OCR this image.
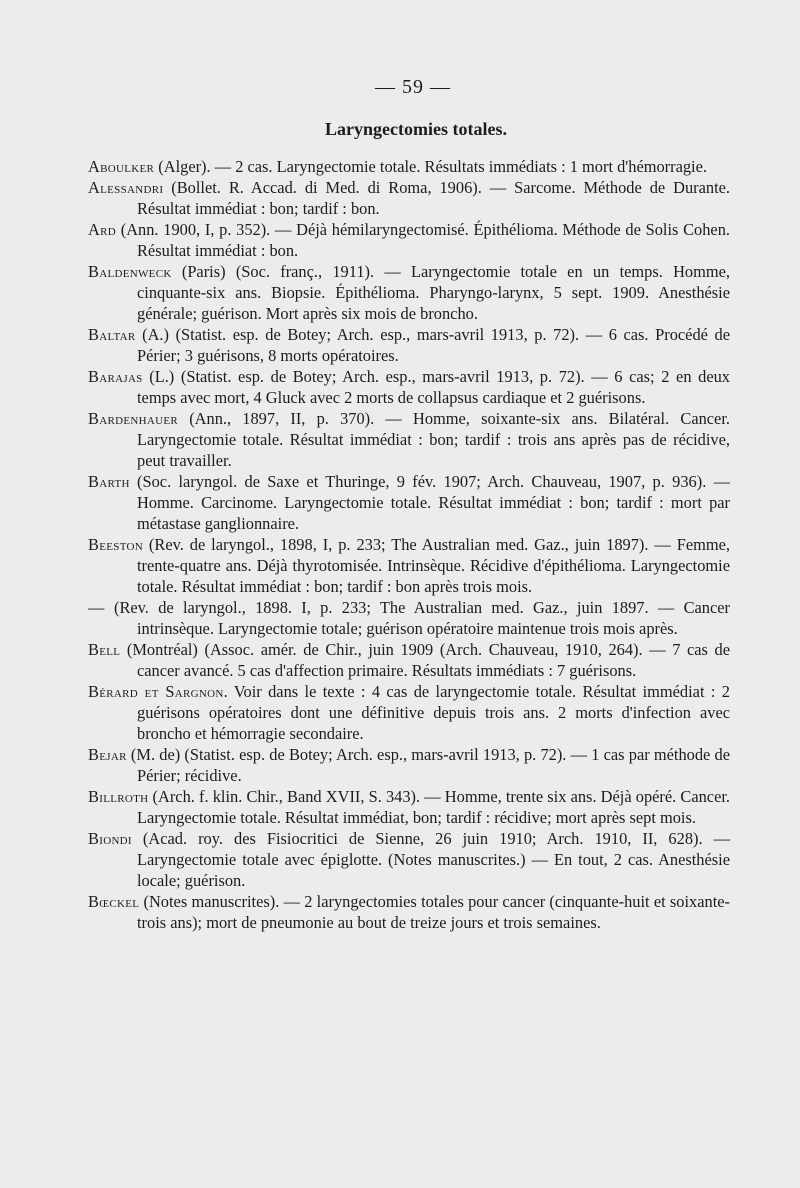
— 59 —
Laryngectomies totales.

Aboulker (Alger). — 2 cas. Laryngectomie totale. Résultats immédiats : 1 mort d'hémorragie.

Alessandri (Bollet. R. Accad. di Med. di Roma, 1906). — Sarcome. Méthode de Durante. Résultat immédiat : bon; tardif : bon.

Ard (Ann. 1900, I, p. 352). — Déjà hémilaryngectomisé. Épithélioma. Méthode de Solis Cohen. Résultat immédiat : bon.

Baldenweck (Paris) (Soc. franç., 1911). — Laryngectomie totale en un temps. Homme, cinquante-six ans. Biopsie. Épithélioma. Pharyngo-larynx, 5 sept. 1909. Anesthésie générale; guérison. Mort après six mois de broncho.

Baltar (A.) (Statist. esp. de Botey; Arch. esp., mars-avril 1913, p. 72). — 6 cas. Procédé de Périer; 3 guérisons, 8 morts opératoires.

Barajas (L.) (Statist. esp. de Botey; Arch. esp., mars-avril 1913, p. 72). — 6 cas; 2 en deux temps avec mort, 4 Gluck avec 2 morts de collapsus cardiaque et 2 guérisons.

Bardenhauer (Ann., 1897, II, p. 370). — Homme, soixante-six ans. Bilatéral. Cancer. Laryngectomie totale. Résultat immédiat : bon; tardif : trois ans après pas de récidive, peut travailler.

Barth (Soc. laryngol. de Saxe et Thuringe, 9 fév. 1907; Arch. Chauveau, 1907, p. 936). — Homme. Carcinome. Laryngectomie totale. Résultat immédiat : bon; tardif : mort par métastase ganglionnaire.

Beeston (Rev. de laryngol., 1898, I, p. 233; The Australian med. Gaz., juin 1897). — Femme, trente-quatre ans. Déjà thyrotomisée. Intrinsèque. Récidive d'épithélioma. Laryngectomie totale. Résultat immédiat : bon; tardif : bon après trois mois.

— (Rev. de laryngol., 1898. I, p. 233; The Australian med. Gaz., juin 1897. — Cancer intrinsèque. Laryngectomie totale; guérison opératoire maintenue trois mois après.

Bell (Montréal) (Assoc. amér. de Chir., juin 1909 (Arch. Chauveau, 1910, 264). — 7 cas de cancer avancé. 5 cas d'affection primaire. Résultats immédiats : 7 guérisons.

Bérard et Sargnon. Voir dans le texte : 4 cas de laryngectomie totale. Résultat immédiat : 2 guérisons opératoires dont une définitive depuis trois ans. 2 morts d'infection avec broncho et hémorragie secondaire.

Bejar (M. de) (Statist. esp. de Botey; Arch. esp., mars-avril 1913, p. 72). — 1 cas par méthode de Périer; récidive.

Billroth (Arch. f. klin. Chir., Band XVII, S. 343). — Homme, trente six ans. Déjà opéré. Cancer. Laryngectomie totale. Résultat immédiat, bon; tardif : récidive; mort après sept mois.

Biondi (Acad. roy. des Fisiocritici de Sienne, 26 juin 1910; Arch. 1910, II, 628). — Laryngectomie totale avec épiglotte. (Notes manuscrites.) — En tout, 2 cas. Anesthésie locale; guérison.

Bœckel (Notes manuscrites). — 2 laryngectomies totales pour cancer (cinquante-huit et soixante-trois ans); mort de pneumonie au bout de treize jours et trois semaines.
